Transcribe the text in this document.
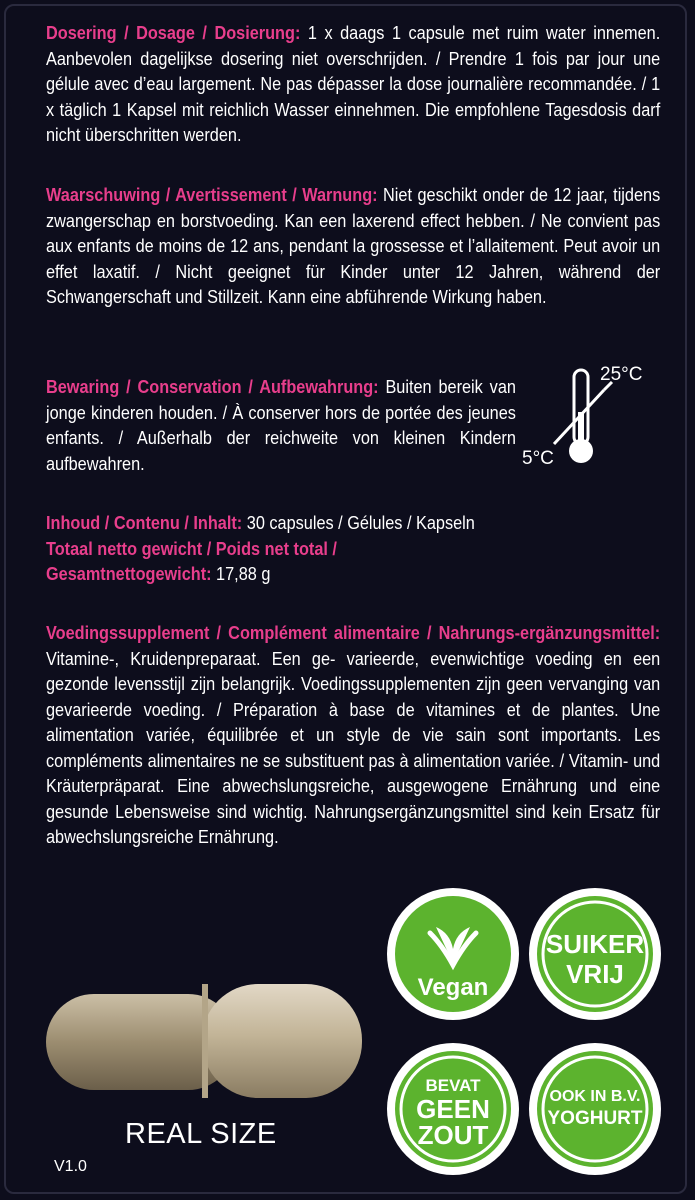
Dosering / Dosage / Dosierung: 1 x daags 1 capsule met ruim water innemen. Aanbevolen dagelijkse dosering niet overschrijden. / Prendre 1 fois par jour une gélule avec d’eau largement. Ne pas dépasser la dose journalière recommandée. / 1 x täglich 1 Kapsel mit reichlich Wasser einnehmen. Die empfohlene Tagesdosis darf nicht überschritten werden.

Waarschuwing / Avertissement / Warnung: Niet geschikt onder de 12 jaar, tijdens zwangerschap en borstvoeding. Kan een laxerend effect hebben. / Ne convient pas aux enfants de moins de 12 ans, pendant la grossesse et l’allaitement. Peut avoir un effet laxatif. / Nicht geeignet für Kinder unter 12 Jahren, während der Schwangerschaft und Stillzeit. Kann eine abführende Wirkung haben.

Bewaring / Conservation / Aufbewahrung: Buiten bereik van jonge kinderen houden. / À conserver hors de portée des jeunes enfants. / Außerhalb der reichweite von kleinen Kindern aufbewahren.

25°C
5°C

Inhoud / Contenu / Inhalt: 30 capsules / Gélules / Kapseln

Totaal netto gewicht / Poids net total / Gesamtnettogewicht: 17,88 g

Voedingssupplement / Complément alimentaire / Nahrungs-ergänzungsmittel: Vitamine-, Kruidenpreparaat. Een ge- varieerde, evenwichtige voeding en een gezonde levensstijl zijn belangrijk. Voedingssupplementen zijn geen vervanging van gevarieerde voeding. / Préparation à base de vitamines et de plantes. Une alimentation variée, équilibrée et un style de vie sain sont importants. Les compléments alimentaires ne se substituent pas à alimentation variée. / Vitamin- und Kräuterpräparat. Eine abwechslungsreiche, ausgewogene Ernährung und eine gesunde Lebensweise sind wichtig. Nahrungsergänzungsmittel sind kein Ersatz für abwechslungsreiche Ernährung.

REAL SIZE
V1.0
Vegan
SUIKER
VRIJ
BEVAT
GEEN
ZOUT
OOK IN B.V.
YOGHURT
